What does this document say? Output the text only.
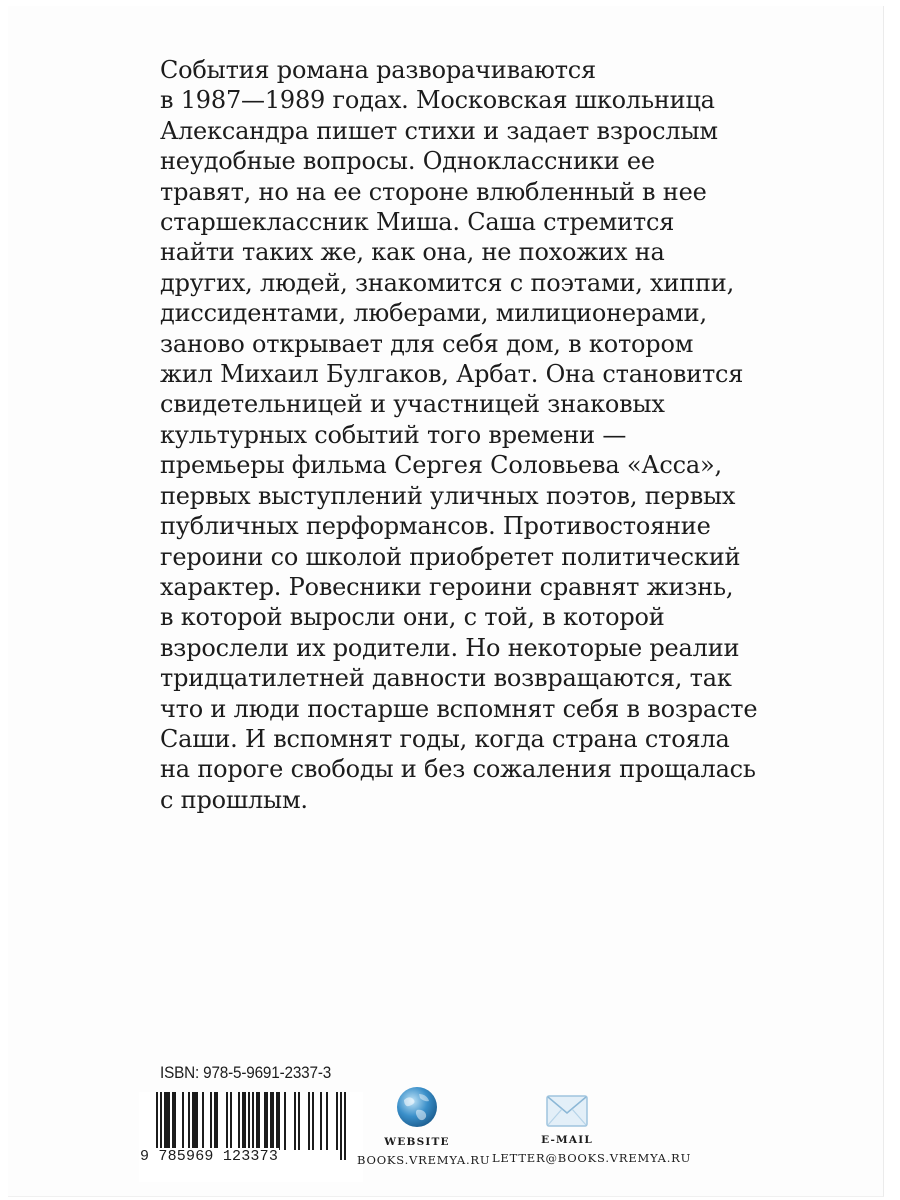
События романа разворачиваются
в 1987—1989 годах. Московская школьница
Александра пишет стихи и задает взрослым
неудобные вопросы. Одноклассники ее
травят, но на ее стороне влюбленный в нее
старшеклассник Миша. Саша стремится
найти таких же, как она, не похожих на
других, людей, знакомится с поэтами, хиппи,
диссидентами, люберами, милиционерами,
заново открывает для себя дом, в котором
жил Михаил Булгаков, Арбат. Она становится
свидетельницей и участницей знаковых
культурных событий того времени —
премьеры фильма Сергея Соловьева «Асса»,
первых выступлений уличных поэтов, первых
публичных перформансов. Противостояние
героини со школой приобретет политический
характер. Ровесники героини сравнят жизнь,
в которой выросли они, с той, в которой
взрослели их родители. Но некоторые реалии
тридцатилетней давности возвращаются, так
что и люди постарше вспомнят себя в возрасте
Саши. И вспомнят годы, когда страна стояла
на пороге свободы и без сожаления прощалась
с прошлым.

ISBN: 978-5-9691-2337-3
9 785969 123373
WEBSITE
BOOKS.VREMYA.RU
E-MAIL
LETTER@BOOKS.VREMYA.RU
